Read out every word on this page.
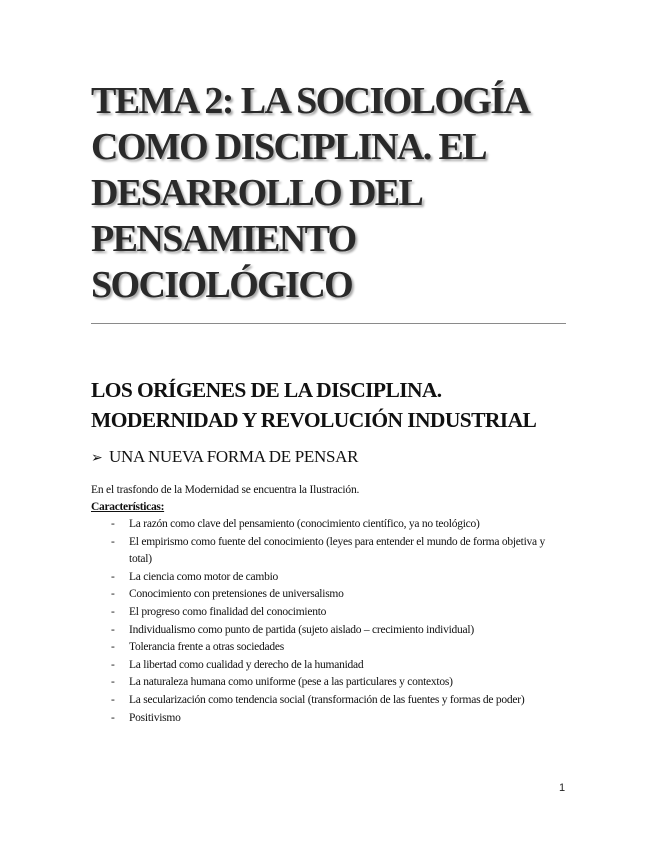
TEMA 2: LA SOCIOLOGÍA
COMO DISCIPLINA. EL
DESARROLLO DEL
PENSAMIENTO
SOCIOLÓGICO
LOS ORÍGENES DE LA DISCIPLINA.
MODERNIDAD Y REVOLUCIÓN INDUSTRIAL
➢ UNA NUEVA FORMA DE PENSAR
En el trasfondo de la Modernidad se encuentra la Ilustración.
Características:
- La razón como clave del pensamiento (conocimiento científico, ya no teológico)
- El empirismo como fuente del conocimiento (leyes para entender el mundo de forma objetiva y total)
- La ciencia como motor de cambio
- Conocimiento con pretensiones de universalismo
- El progreso como finalidad del conocimiento
- Individualismo como punto de partida (sujeto aislado – crecimiento individual)
- Tolerancia frente a otras sociedades
- La libertad como cualidad y derecho de la humanidad
- La naturaleza humana como uniforme (pese a las particulares y contextos)
- La secularización como tendencia social (transformación de las fuentes y formas de poder)
- Positivismo
1
